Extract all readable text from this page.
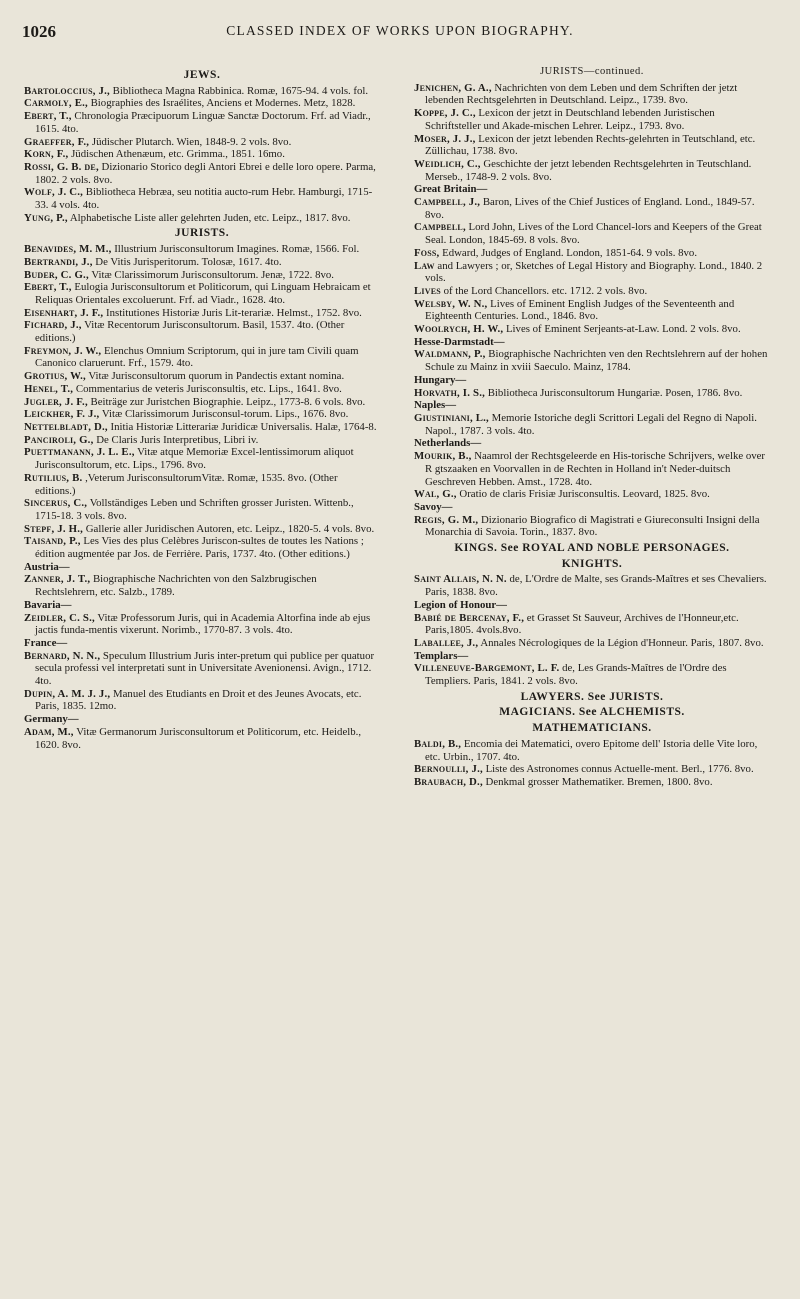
1026	CLASSED INDEX OF WORKS UPON BIOGRAPHY.
JEWS.

Bartoloccius, J., Bibliotheca Magna Rabbinica. Romæ, 1675-94. 4 vols. fol.

Carmoly, E., Biographies des Israélites, Anciens et Modernes. Metz, 1828.

Ebert, T., Chronologia Præcipuorum Linguæ Sanctæ Doctorum. Frf. ad Viadr., 1615. 4to.

Graeffer, F., Jüdischer Plutarch. Wien, 1848-9. 2 vols. 8vo.

Korn, F., Jüdischen Athenæum, etc. Grimma., 1851. 16mo.

Rossi, G. B. de, Dizionario Storico degli Antori Ebrei e delle loro opere. Parma, 1802. 2 vols. 8vo.

Wolf, J. C., Bibliotheca Hebræa, seu notitia aucto-rum Hebr. Hamburgi, 1715-33. 4 vols. 4to.

Yung, P., Alphabetische Liste aller gelehrten Juden, etc. Leipz., 1817. 8vo.

JURISTS.

Benavides, M. M., Illustrium Jurisconsultorum Imagines. Romæ, 1566. Fol.

Bertrandi, J., De Vitis Jurisperitorum. Tolosæ, 1617. 4to.

Buder, C. G., Vitæ Clarissimorum Jurisconsultorum. Jenæ, 1722. 8vo.

Ebert, T., Eulogia Jurisconsultorum et Politicorum, qui Linguam Hebraicam et Reliquas Orientales excoluerunt. Frf. ad Viadr., 1628. 4to.

Eisenhart, J. F., Institutiones Historiæ Juris Lit-terariæ. Helmst., 1752. 8vo.

Fichard, J., Vitæ Recentorum Jurisconsultorum. Basil, 1537. 4to. (Other editions.)

Freymon, J. W., Elenchus Omnium Scriptorum, qui in jure tam Civili quam Canonico claruerunt. Frf., 1579. 4to.

Grotius, W., Vitæ Jurisconsultorum quorum in Pandectis extant nomina.

Henel, T., Commentarius de veteris Jurisconsultis, etc. Lips., 1641. 8vo.

Jugler, J. F., Beiträge zur Juristchen Biographie. Leipz., 1773-8. 6 vols. 8vo.

Leickher, F. J., Vitæ Clarissimorum Jurisconsul-torum. Lips., 1676. 8vo.

Nettelbladt, D., Initia Historiæ Litterariæ Juridicæ Universalis. Halæ, 1764-8.

Panciroli, G., De Claris Juris Interpretibus, Libri iv.

Puettmanann, J. L. E., Vitæ atque Memoriæ Excel-lentissimorum aliquot Jurisconsultorum, etc. Lips., 1796. 8vo.

Rutilius, B. ,Veterum JurisconsultorumVitæ. Romæ, 1535. 8vo. (Other editions.)

Sincerus, C., Vollständiges Leben und Schriften grosser Juristen. Wittenb., 1715-18. 3 vols. 8vo.

Stepf, J. H., Gallerie aller Juridischen Autoren, etc. Leipz., 1820-5. 4 vols. 8vo.

Taisand, P., Les Vies des plus Celèbres Juriscon-sultes de toutes les Nations ; édition augmentée par Jos. de Ferrière. Paris, 1737. 4to. (Other editions.)

Austria—

Zanner, J. T., Biographische Nachrichten von den Salzbrugischen Rechtslehrern, etc. Salzb., 1789.

Bavaria—

Zeidler, C. S., Vitæ Professorum Juris, qui in Academia Altorfina inde ab ejus jactis funda-mentis vixerunt. Norimb., 1770-87. 3 vols. 4to.

France—

Bernard, N. N., Speculum Illustrium Juris inter-pretum qui publice per quatuor secula professi vel interpretati sunt in Universitate Avenionensi. Avign., 1712. 4to.

Dupin, A. M. J. J., Manuel des Etudiants en Droit et des Jeunes Avocats, etc. Paris, 1835. 12mo.

Germany—

Adam, M., Vitæ Germanorum Jurisconsultorum et Politicorum, etc. Heidelb., 1620. 8vo.

JURISTS—continued.

Jenichen, G. A., Nachrichten von dem Leben und dem Schriften der jetzt lebenden Rechtsgelehrten in Deutschland. Leipz., 1739. 8vo.

Koppe, J. C., Lexicon der jetzt in Deutschland lebenden Juristischen Schriftsteller und Akade-mischen Lehrer. Leipz., 1793. 8vo.

Moser, J. J., Lexicon der jetzt lebenden Rechts-gelehrten in Teutschland, etc. Züllichau, 1738. 8vo.

Weidlich, C., Geschichte der jetzt lebenden Rechtsgelehrten in Teutschland. Merseb., 1748-9. 2 vols. 8vo.

Great Britain—

Campbell, J., Baron, Lives of the Chief Justices of England. Lond., 1849-57. 8vo.

Campbell, Lord John, Lives of the Lord Chancel-lors and Keepers of the Great Seal. London, 1845-69. 8 vols. 8vo.

Foss, Edward, Judges of England. London, 1851-64. 9 vols. 8vo.

Law and Lawyers ; or, Sketches of Legal History and Biography. Lond., 1840. 2 vols.

Lives of the Lord Chancellors. etc. 1712. 2 vols. 8vo.

Welsby, W. N., Lives of Eminent English Judges of the Seventeenth and Eighteenth Centuries. Lond., 1846. 8vo.

Woolrych, H. W., Lives of Eminent Serjeants-at-Law. Lond. 2 vols. 8vo.

Hesse-Darmstadt—

Waldmann, P., Biographische Nachrichten ven den Rechtslehrern auf der hohen Schule zu Mainz in xviii Saeculo. Mainz, 1784.

Hungary—

Horvath, I. S., Bibliotheca Jurisconsultorum Hungariæ. Posen, 1786. 8vo.

Naples—

Giustiniani, L., Memorie Istoriche degli Scrittori Legali del Regno di Napoli. Napol., 1787. 3 vols. 4to.

Netherlands—

Mourik, B., Naamrol der Rechtsgeleerde en His-torische Schrijvers, welke over R gtszaaken en Voorvallen in de Rechten in Holland in't Neder-duitsch Geschreven Hebben. Amst., 1728. 4to.

Wal, G., Oratio de claris Frisiæ Jurisconsultis. Leovard, 1825. 8vo.

Savoy—

Regis, G. M., Dizionario Biografico di Magistrati e Giureconsulti Insigni della Monarchia di Savoia. Torin., 1837. 8vo.

KINGS. See ROYAL AND NOBLE PERSONAGES.
KNIGHTS.

Saint Allais, N. N. de, L'Ordre de Malte, ses Grands-Maîtres et ses Chevaliers. Paris, 1838. 8vo.

Legion of Honour—

Babié de Bercenay, F., et Grasset St Sauveur, Archives de l'Honneur,etc. Paris,1805. 4vols.8vo.

Laballee, J., Annales Nécrologiques de la Légion d'Honneur. Paris, 1807. 8vo.

Templars—

Villeneuve-Bargemont, L. F. de, Les Grands-Maîtres de l'Ordre des Templiers. Paris, 1841. 2 vols. 8vo.

LAWYERS. See JURISTS.
MAGICIANS. See ALCHEMISTS.
MATHEMATICIANS.

Baldi, B., Encomia dei Matematici, overo Epitome dell' Istoria delle Vite loro, etc. Urbin., 1707. 4to.

Bernoulli, J., Liste des Astronomes connus Actuelle-ment. Berl., 1776. 8vo.

Braubach, D., Denkmal grosser Mathematiker. Bremen, 1800. 8vo.
